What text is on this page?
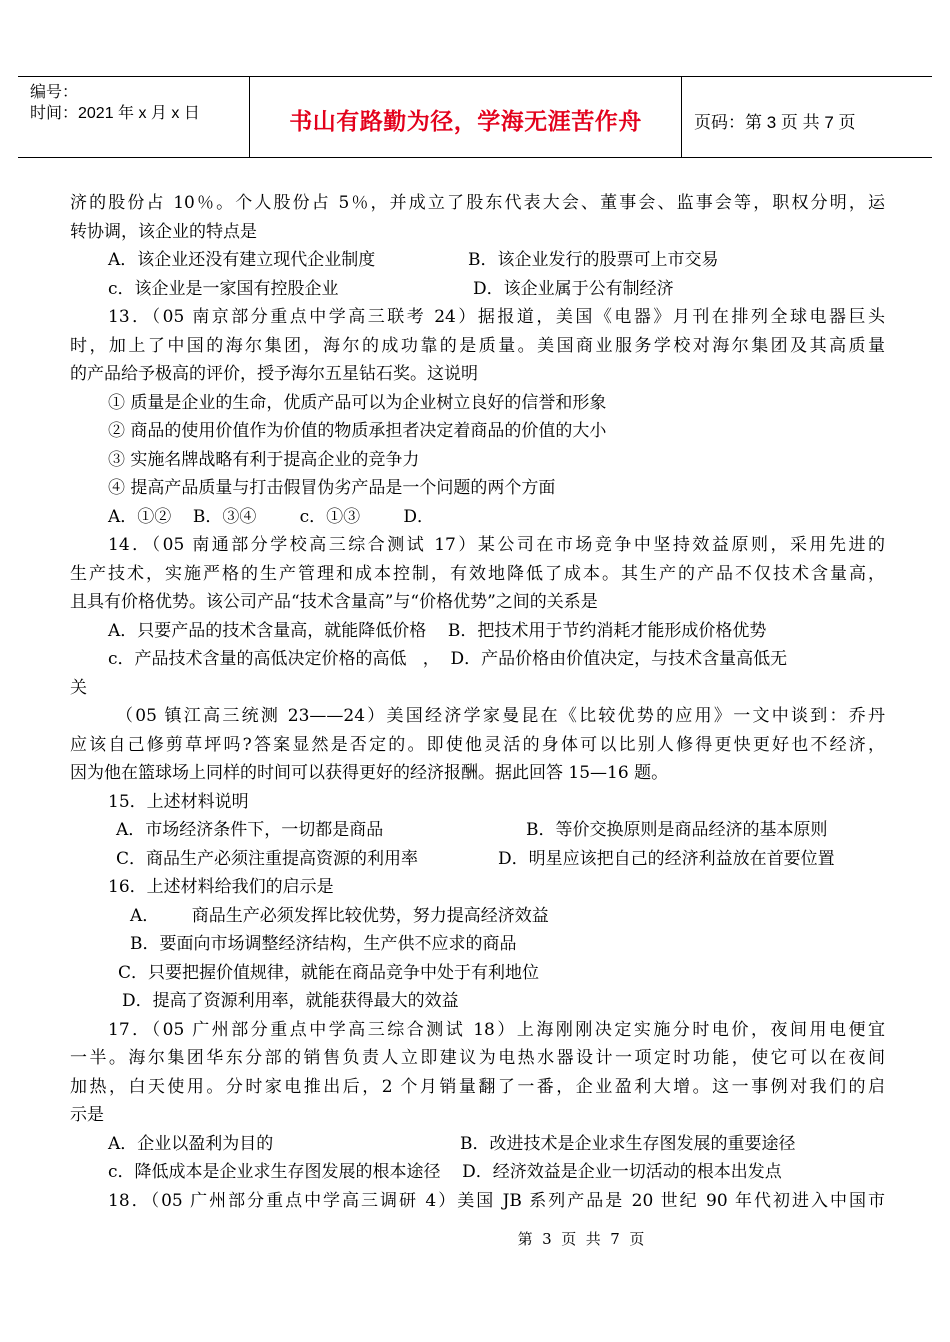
编号：
时间：2021 年 x 月 x 日	书山有路勤为径，学海无涯苦作舟	页码：第 3 页 共 7 页
济的股份占 10％。个人股份占 5％，并成立了股东代表大会、董事会、监事会等，职权分明，运
转协调，该企业的特点是
A．该企业还没有建立现代企业制度	B．该企业发行的股票可上市交易
c．该企业是一家国有控股企业	D．该企业属于公有制经济
13．（05 南京部分重点中学高三联考 24）据报道，美国《电器》月刊在排列全球电器巨头
时，加上了中国的海尔集团，海尔的成功靠的是质量。美国商业服务学校对海尔集团及其高质量
的产品给予极高的评价，授予海尔五星钻石奖。这说明
① 质量是企业的生命，优质产品可以为企业树立良好的信誉和形象
② 商品的使用价值作为价值的物质承担者决定着商品的价值的大小
③ 实施名牌战略有利于提高企业的竞争力
④ 提高产品质量与打击假冒伪劣产品是一个问题的两个方面
A．①②    B．③④        c．①③        D．
14．（05 南通部分学校高三综合测试 17）某公司在市场竞争中坚持效益原则，采用先进的
生产技术，实施严格的生产管理和成本控制，有效地降低了成本。其生产的产品不仅技术含量高，
且具有价格优势。该公司产品“技术含量高”与“价格优势”之间的关系是
A．只要产品的技术含量高，就能降低价格    B．把技术用于节约消耗才能形成价格优势
c．产品技术含量的高低决定价格的高低   ，  D．产品价格由价值决定，与技术含量高低无
关
（05 镇江高三统测 23——24）美国经济学家曼昆在《比较优势的应用》一文中谈到：乔丹
应该自己修剪草坪吗?答案显然是否定的。即使他灵活的身体可以比别人修得更快更好也不经济，
因为他在篮球场上同样的时间可以获得更好的经济报酬。据此回答 15—16 题。
15．上述材料说明
A．市场经济条件下，一切都是商品	B．等价交换原则是商品经济的基本原则
C．商品生产必须注重提高资源的利用率	D．明星应该把自己的经济利益放在首要位置
16．上述材料给我们的启示是
A．      商品生产必须发挥比较优势，努力提高经济效益
B．要面向市场调整经济结构，生产供不应求的商品
C．只要把握价值规律，就能在商品竞争中处于有利地位
D．提高了资源利用率，就能获得最大的效益
17．（05 广州部分重点中学高三综合测试 18）上海刚刚决定实施分时电价，夜间用电便宜
一半。海尔集团华东分部的销售负责人立即建议为电热水器设计一项定时功能，使它可以在夜间
加热，白天使用。分时家电推出后，2 个月销量翻了一番，企业盈利大增。这一事例对我们的启
示是
A．企业以盈利为目的	B．改进技术是企业求生存图发展的重要途径
c．降低成本是企业求生存图发展的根本途径    D．经济效益是企业一切活动的根本出发点
18．（05 广州部分重点中学高三调研 4）美国 JB 系列产品是 20 世纪 90 年代初进入中国市
第  3  页  共  7  页
